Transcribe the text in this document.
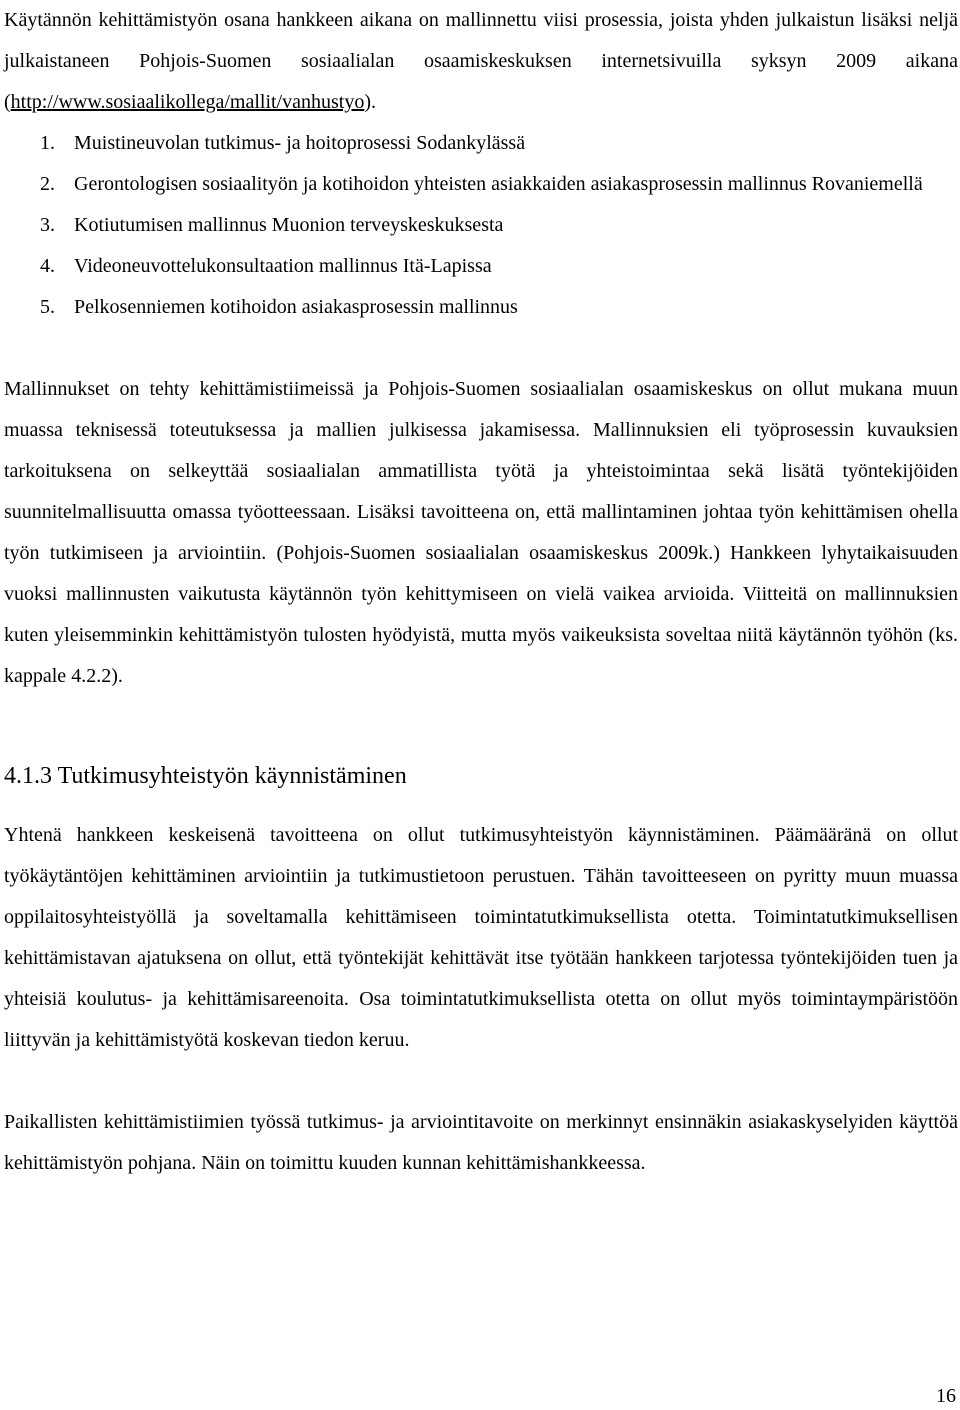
Käytännön kehittämistyön osana hankkeen aikana on mallinnettu viisi prosessia, joista yhden julkaistun lisäksi neljä julkaistaneen Pohjois-Suomen sosiaalialan osaamiskeskuksen internetsivuilla syksyn 2009 aikana (http://www.sosiaalikollega/mallit/vanhustyo).

1. Muistineuvolan tutkimus- ja hoitoprosessi Sodankylässä
2. Gerontologisen sosiaalityön ja kotihoidon yhteisten asiakkaiden asiakasprosessin mallinnus Rovaniemellä
3. Kotiutumisen mallinnus Muonion terveyskeskuksesta
4. Videoneuvottelukonsultaation mallinnus Itä-Lapissa
5. Pelkosenniemen kotihoidon asiakasprosessin mallinnus

Mallinnukset on tehty kehittämistiimeissä ja Pohjois-Suomen sosiaalialan osaamiskeskus on ollut mukana muun muassa teknisessä toteutuksessa ja mallien julkisessa jakamisessa. Mallinnuksien eli työprosessin kuvauksien tarkoituksena on selkeyttää sosiaalialan ammatillista työtä ja yhteistoimintaa sekä lisätä työntekijöiden suunnitelmallisuutta omassa työotteessaan. Lisäksi tavoitteena on, että mallintaminen johtaa työn kehittämisen ohella työn tutkimiseen ja arviointiin. (Pohjois-Suomen sosiaalialan osaamiskeskus 2009k.) Hankkeen lyhytaikaisuuden vuoksi mallinnusten vaikutusta käytännön työn kehittymiseen on vielä vaikea arvioida. Viitteitä on mallinnuksien kuten yleisemminkin kehittämistyön tulosten hyödyistä, mutta myös vaikeuksista soveltaa niitä käytännön työhön (ks. kappale 4.2.2).

4.1.3 Tutkimusyhteistyön käynnistäminen

Yhtenä hankkeen keskeisenä tavoitteena on ollut tutkimusyhteistyön käynnistäminen. Päämääränä on ollut työkäytäntöjen kehittäminen arviointiin ja tutkimustietoon perustuen. Tähän tavoitteeseen on pyritty muun muassa oppilaitosyhteistyöllä ja soveltamalla kehittämiseen toimintatutkimuksellista otetta. Toimintatutkimuksellisen kehittämistavan ajatuksena on ollut, että työntekijät kehittävät itse työtään hankkeen tarjotessa työntekijöiden tuen ja yhteisiä koulutus- ja kehittämisareenoita. Osa toimintatutkimuksellista otetta on ollut myös toimintaympäristöön liittyvän ja kehittämistyötä koskevan tiedon keruu.

Paikallisten kehittämistiimien työssä tutkimus- ja arviointitavoite on merkinnyt ensinnäkin asiakaskyselyiden käyttöä kehittämistyön pohjana. Näin on toimittu kuuden kunnan kehittämishankkeessa.

16
